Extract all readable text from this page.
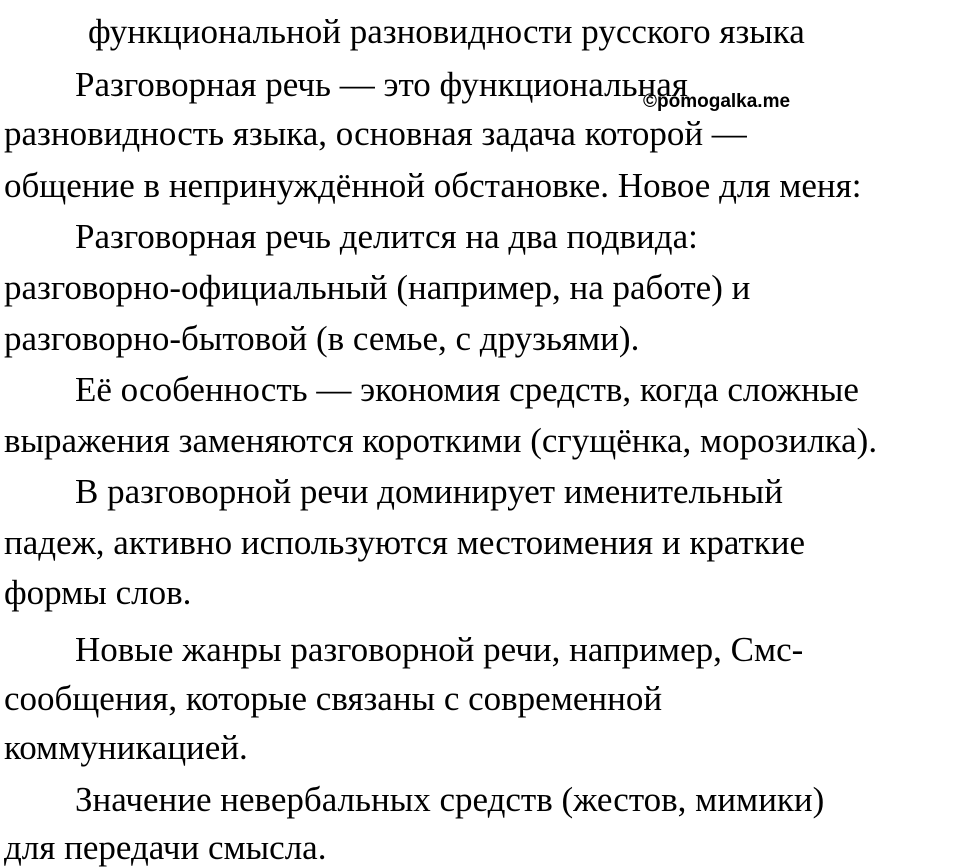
функциональной разновидности русского языка
Разговорная речь — это функциональная
©pomogalka.me
разновидность языка, основная задача которой —
общение в непринуждённой обстановке. Новое для меня:
Разговорная речь делится на два подвида:
разговорно-официальный (например, на работе) и
разговорно-бытовой (в семье, с друзьями).
Её особенность — экономия средств, когда сложные
выражения заменяются короткими (сгущёнка, морозилка).
В разговорной речи доминирует именительный
падеж, активно используются местоимения и краткие
формы слов.
Новые жанры разговорной речи, например, Смс-
сообщения, которые связаны с современной
коммуникацией.
Значение невербальных средств (жестов, мимики)
для передачи смысла.
